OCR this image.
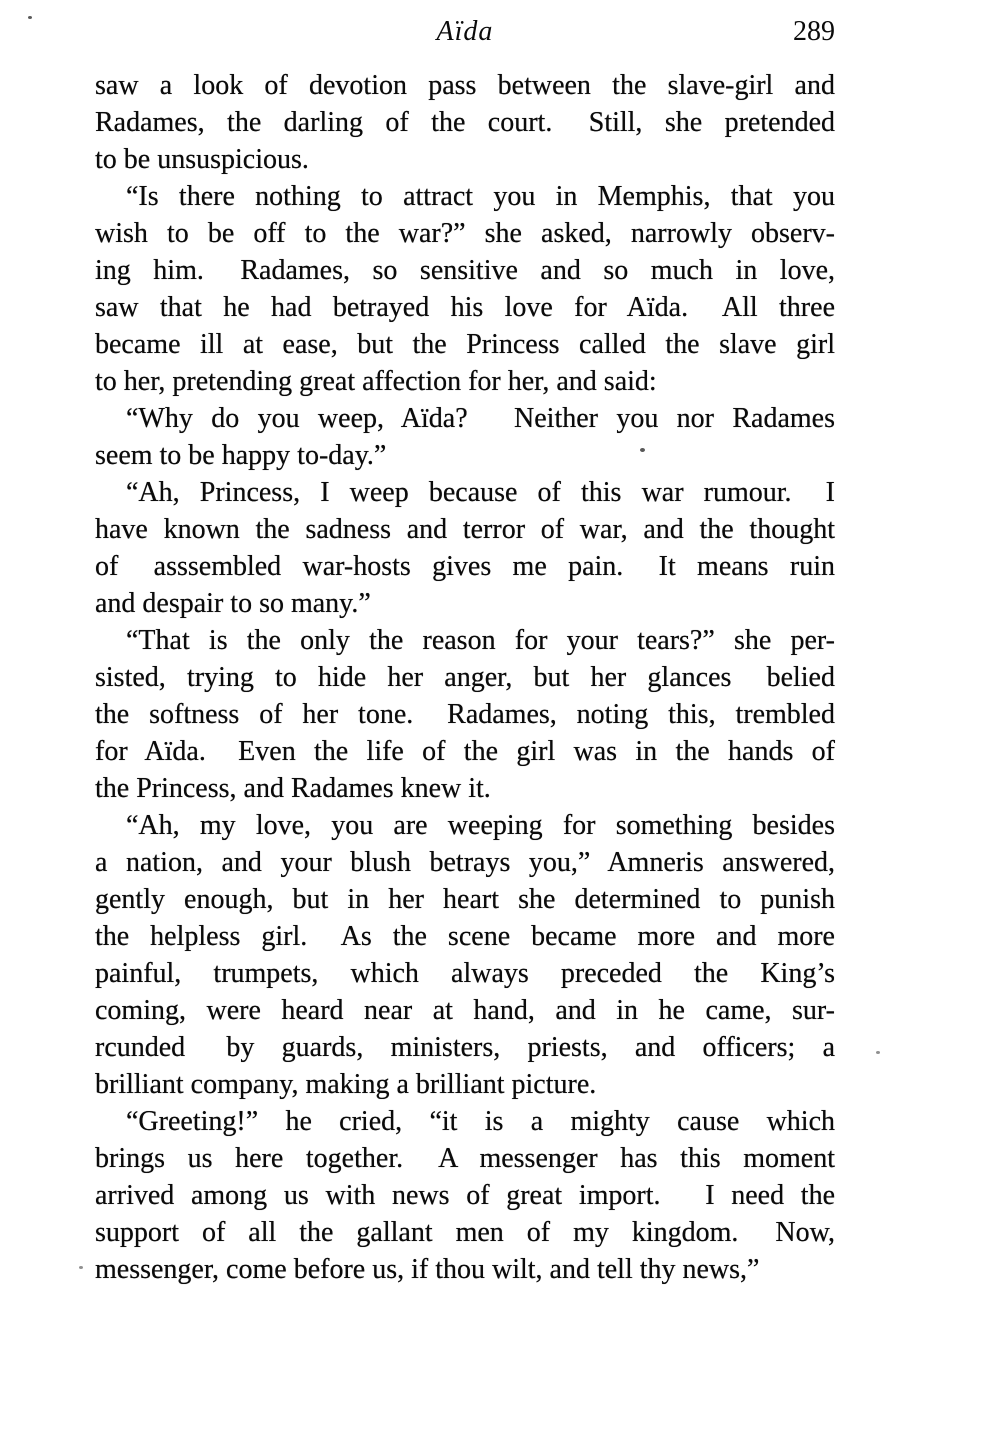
Aïda	289

saw a look of devotion pass between the slave-girl and
Radames, the darling of the court.  Still, she pretended
to be unsuspicious.

“Is there nothing to attract you in Memphis, that you
wish to be off to the war?” she asked, narrowly observ-
ing him.  Radames, so sensitive and so much in love,
saw that he had betrayed his love for Aïda.  All three
became ill at ease, but the Princess called the slave girl
to her, pretending great affection for her, and said:

“Why do you weep, Aïda?  Neither you nor Radames
seem to be happy to-day.”

“Ah, Princess, I weep because of this war rumour.  I
have known the sadness and terror of war, and the thought
of  asssembled war-hosts gives me pain.  It means ruin
and despair to so many.”

“That is the only the reason for your tears?” she per-
sisted, trying to hide her anger, but her glances  belied
the softness of her tone.  Radames, noting this, trembled
for Aïda.  Even the life of the girl was in the hands of
the Princess, and Radames knew it.

“Ah, my love, you are weeping for something besides
a nation, and your blush betrays you,” Amneris answered,
gently enough, but in her heart she determined to punish
the helpless girl.  As the scene became more and more
painful, trumpets, which always preceded the King’s
coming, were heard near at hand, and in he came, sur-
rcunded  by guards, ministers, priests, and officers; a
brilliant company, making a brilliant picture.

“Greeting!” he cried, “it is a mighty cause which
brings us here together.  A messenger has this moment
arrived among us with news of great import.  I need the
support of all the gallant men of my kingdom.  Now,
messenger, come before us, if thou wilt, and tell thy news,”
